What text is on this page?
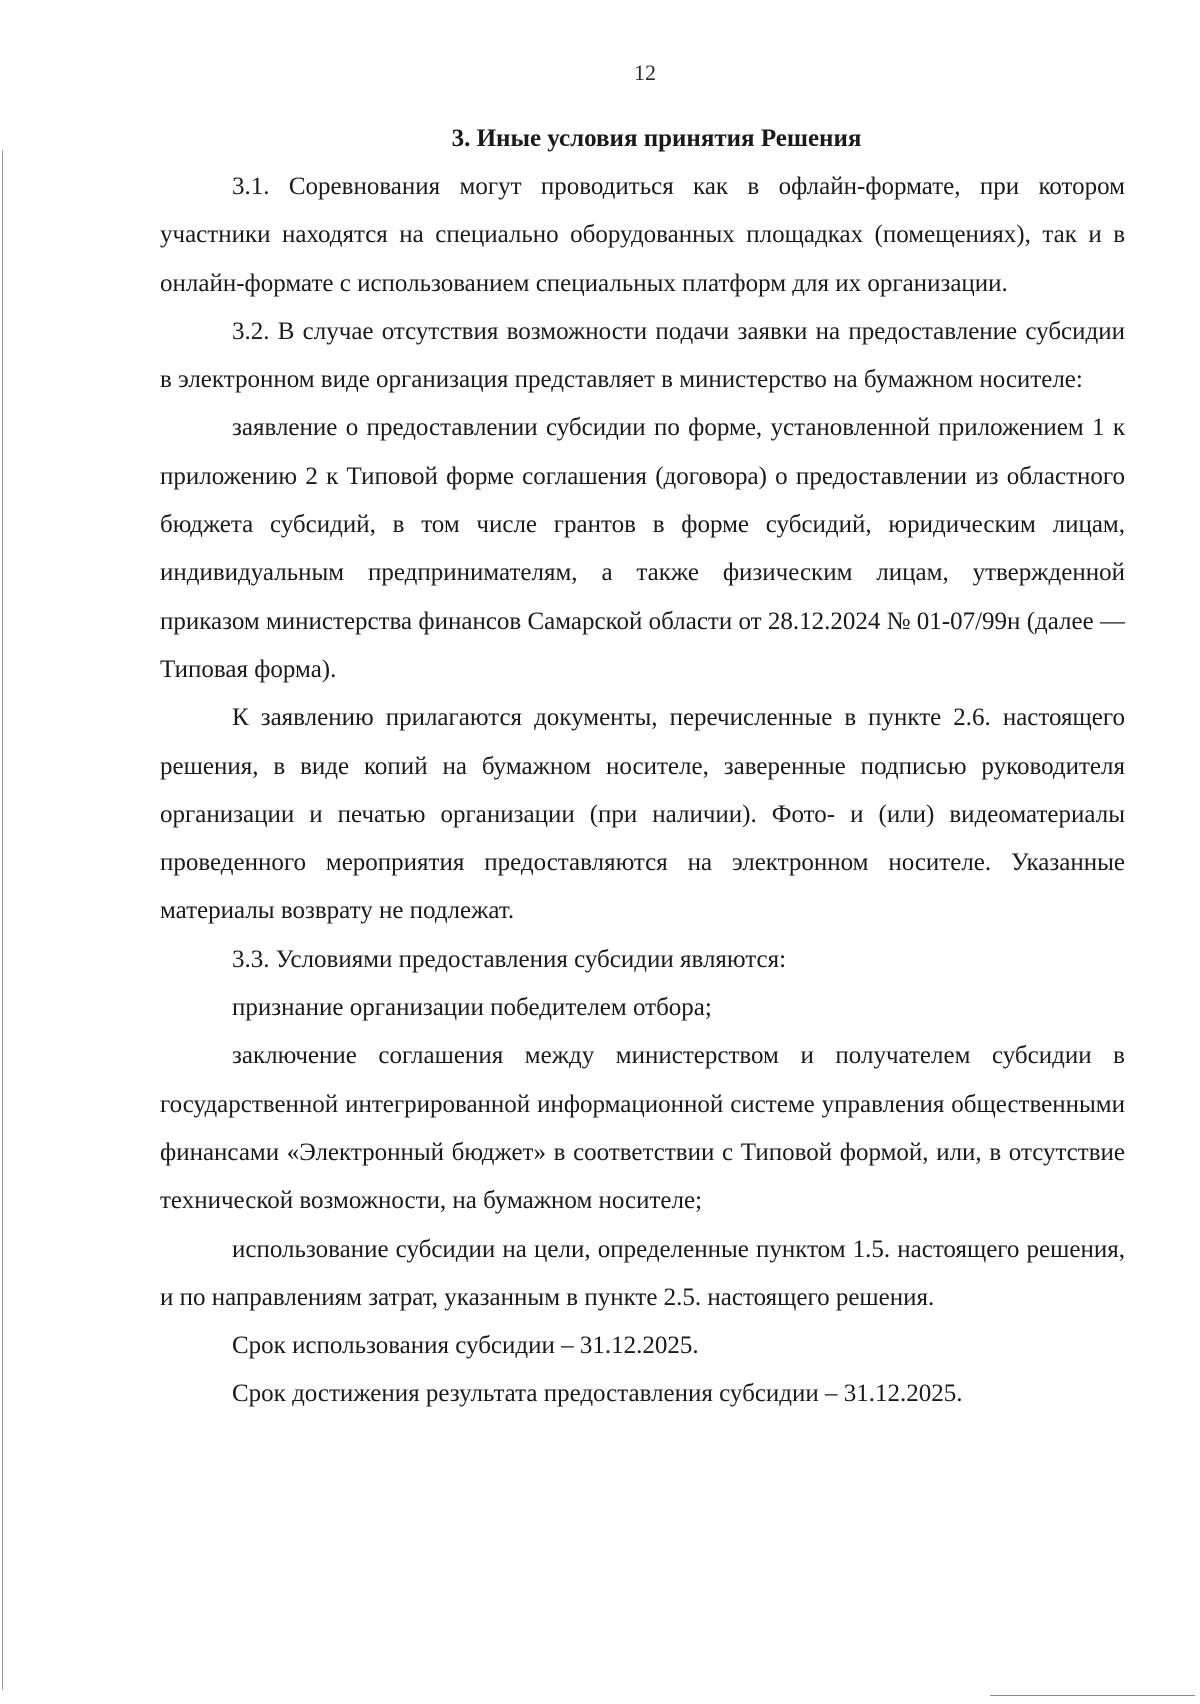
12
3. Иные условия принятия Решения

3.1. Соревнования могут проводиться как в офлайн-формате, при котором участники находятся на специально оборудованных площадках (помещениях), так и в онлайн-формате с использованием специальных платформ для их организации.

3.2. В случае отсутствия возможности подачи заявки на предоставление субсидии в электронном виде организация представляет в министерство на бумажном носителе:

заявление о предоставлении субсидии по форме, установленной приложением 1 к приложению 2 к Типовой форме соглашения (договора) о предоставлении из областного бюджета субсидий, в том числе грантов в форме субсидий, юридическим лицам, индивидуальным предпринимателям, а также физическим лицам, утвержденной приказом министерства финансов Самарской области от 28.12.2024 № 01-07/99н (далее — Типовая форма).

К заявлению прилагаются документы, перечисленные в пункте 2.6. настоящего решения, в виде копий на бумажном носителе, заверенные подписью руководителя организации и печатью организации (при наличии). Фото- и (или) видеоматериалы проведенного мероприятия предоставляются на электронном носителе. Указанные материалы возврату не подлежат.

3.3. Условиями предоставления субсидии являются:

признание организации победителем отбора;

заключение соглашения между министерством и получателем субсидии в государственной интегрированной информационной системе управления общественными финансами «Электронный бюджет» в соответствии с Типовой формой, или, в отсутствие технической возможности, на бумажном носителе;

использование субсидии на цели, определенные пунктом 1.5. настоящего решения, и по направлениям затрат, указанным в пункте 2.5. настоящего решения.

Срок использования субсидии – 31.12.2025.

Срок достижения результата предоставления субсидии – 31.12.2025.
